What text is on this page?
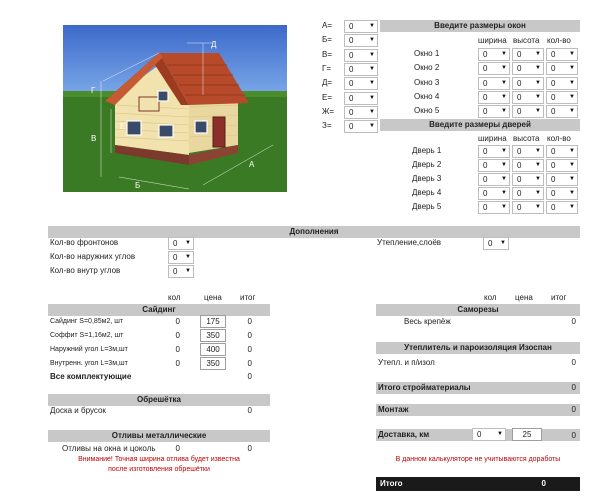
Г
В
Е
Д
Б
А
А=	0	▼
Б=	0	▼
В=	0	▼
Г=	0	▼
Д=	0	▼
Е=	0	▼
Ж=	0	▼
З=	0	▼
Введите размеры окон
ширина высота кол-во
Окно 1	0 ▼	0 ▼	0 ▼
Окно 2	0 ▼	0 ▼	0 ▼
Окно 3	0 ▼	0 ▼	0 ▼
Окно 4	0 ▼	0 ▼	0 ▼
Окно 5	0 ▼	0 ▼	0 ▼
Введите размеры дверей
ширина высота кол-во
Дверь 1	0 ▼	0 ▼	0 ▼
Дверь 2	0 ▼	0 ▼	0 ▼
Дверь 3	0 ▼	0 ▼	0 ▼
Дверь 4	0 ▼	0 ▼	0 ▼
Дверь 5	0 ▼	0 ▼	0 ▼
Дополнения
Кол-во фронтонов	0 ▼
Кол-во наружних углов	0 ▼
Кол-во внутр углов	0 ▼
Утепление,слоёв	0 ▼
кол	цена итог	кол цена итог
Сайдинг
Сайдинг S=0,85м2, шт	0	175	0
Соффит S=1,16м2, шт	0	350	0
Наружний угол L=3м,шт	0	400	0
Внутренн. угол L=3м,шт	0	350	0
Все комплектующие	0
Обрешётка
Доска и брусок	0
Отливы металлические
Отливы на окна и цоколь	0	0
Внимание! Точная ширина отлива будет известна
после изготовления обрешётки
Саморезы
Весь крепёж	0
Утеплитель и пароизоляция Изоспан
Утепл. и п/изол	0
Итого стройматериалы	0
Монтаж	0
Доставка, км	0	▼	25	0
В данном калькуляторе не учитываются доработы
Итого	0
